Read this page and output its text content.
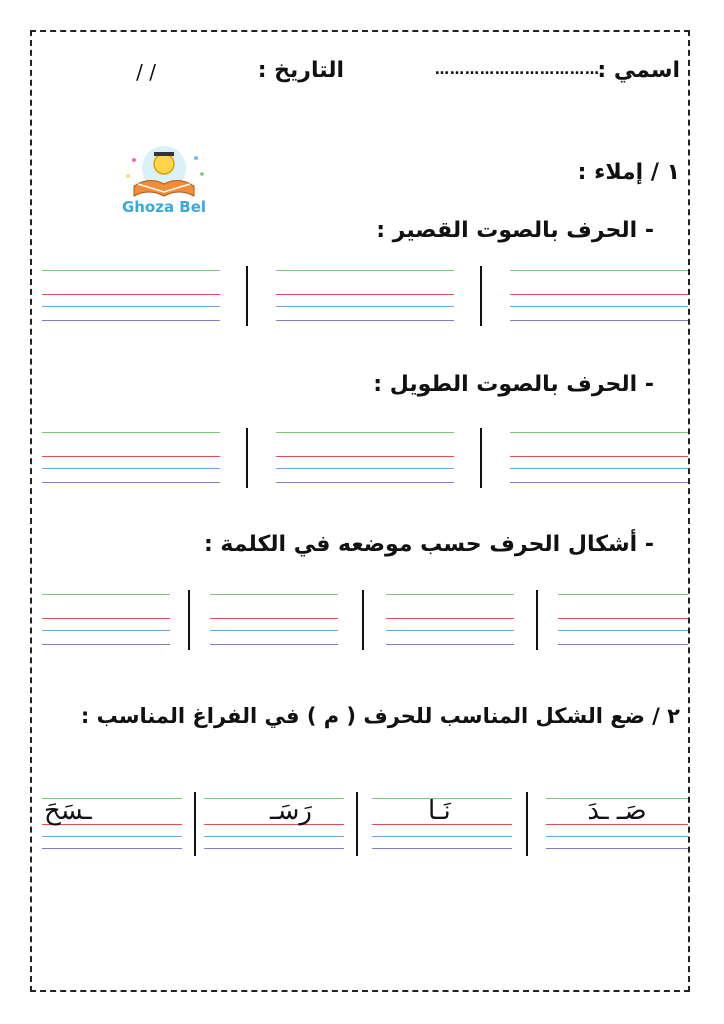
اسمي :
……………………………
التاريخ :
/ /
Ghoza Bel
١ / إملاء :
- الحرف بالصوت القصير :
- الحرف بالصوت الطويل :
- أشكال الحرف حسب موضعه في الكلمة :
٢ / ضع الشكل المناسب للحرف ( م ) في الفراغ المناسب :
ـسَحَ	رَسَـ	نَـا	صَـ ـدَ
